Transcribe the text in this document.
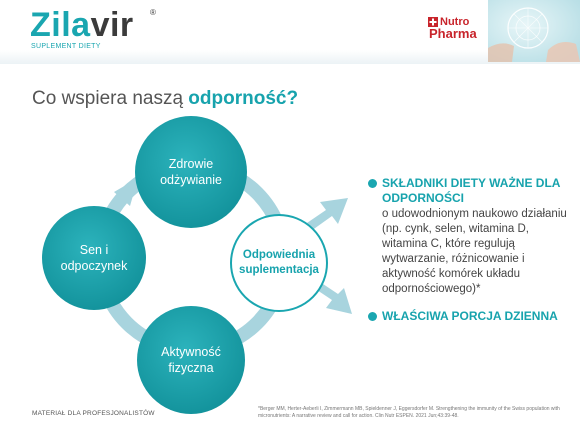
Zilavir ®
SUPLEMENT DIETY
Nutro
Pharma
Co wspiera naszą odporność?
Zdrowie
odżywianie
Sen i
odpoczynek
Aktywność
fizyczna
Odpowiednia
suplementacja
SKŁADNIKI DIETY WAŻNE DLA ODPORNOŚCI
o udowodnionym naukowo działaniu (np. cynk, selen, witamina D, witamina C, które regulują wytwarzanie, różnicowanie i aktywność komórek układu odpornościowego)*
WŁAŚCIWA PORCJA DZIENNA
MATERIAŁ DLA PROFESJONALISTÓW
*Berger MM, Herter-Aeberli I, Zimmermann MB, Spieldenner J, Eggersdorfer M. Strengthening the immunity of the Swiss population with micronutrients: A narrative review and call for action. Clin Nutr ESPEN. 2021 Jun;43:39-48.
